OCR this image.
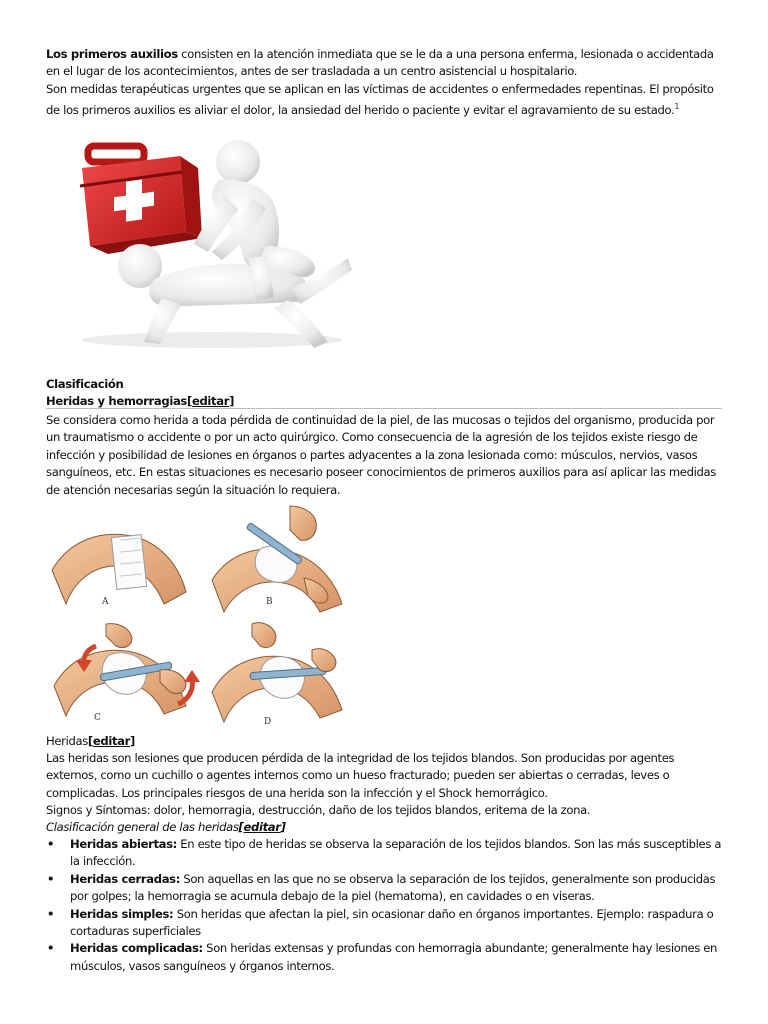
Los primeros auxilios consisten en la atención inmediata que se le da a una persona enferma, lesionada o accidentada en el lugar de los acontecimientos, antes de ser trasladada a un centro asistencial u hospitalario.

Son medidas terapéuticas urgentes que se aplican en las víctimas de accidentes o enfermedades repentinas. El propósito de los primeros auxilios es aliviar el dolor, la ansiedad del herido o paciente y evitar el agravamiento de su estado.$^1$

Clasificación

Heridas y hemorragias[editar]

Se considera como herida a toda pérdida de continuidad de la piel, de las mucosas o tejidos del organismo, producida por un traumatismo o accidente o por un acto quirúrgico. Como consecuencia de la agresión de los tejidos existe riesgo de infección y posibilidad de lesiones en órganos o partes adyacentes a la zona lesionada como: músculos, nervios, vasos sanguíneos, etc. En estas situaciones es necesario poseer conocimientos de primeros auxilios para así aplicar las medidas de atención necesarias según la situación lo requiera.

A	B
C	D

Heridas[editar]

Las heridas son lesiones que producen pérdida de la integridad de los tejidos blandos. Son producidas por agentes externos, como un cuchillo o agentes internos como un hueso fracturado; pueden ser abiertas o cerradas, leves o complicadas. Los principales riesgos de una herida son la infección y el Shock hemorrágico.

Signos y Síntomas: dolor, hemorragia, destrucción, daño de los tejidos blandos, eritema de la zona.

Clasificación general de las heridas[editar]

• Heridas abiertas: En este tipo de heridas se observa la separación de los tejidos blandos. Son las más susceptibles a la infección.
• Heridas cerradas: Son aquellas en las que no se observa la separación de los tejidos, generalmente son producidas por golpes; la hemorragia se acumula debajo de la piel (hematoma), en cavidades o en viseras.
• Heridas simples: Son heridas que afectan la piel, sin ocasionar daño en órganos importantes. Ejemplo: raspadura o cortaduras superficiales
• Heridas complicadas: Son heridas extensas y profundas con hemorragia abundante; generalmente hay lesiones en músculos, vasos sanguíneos y órganos internos.
